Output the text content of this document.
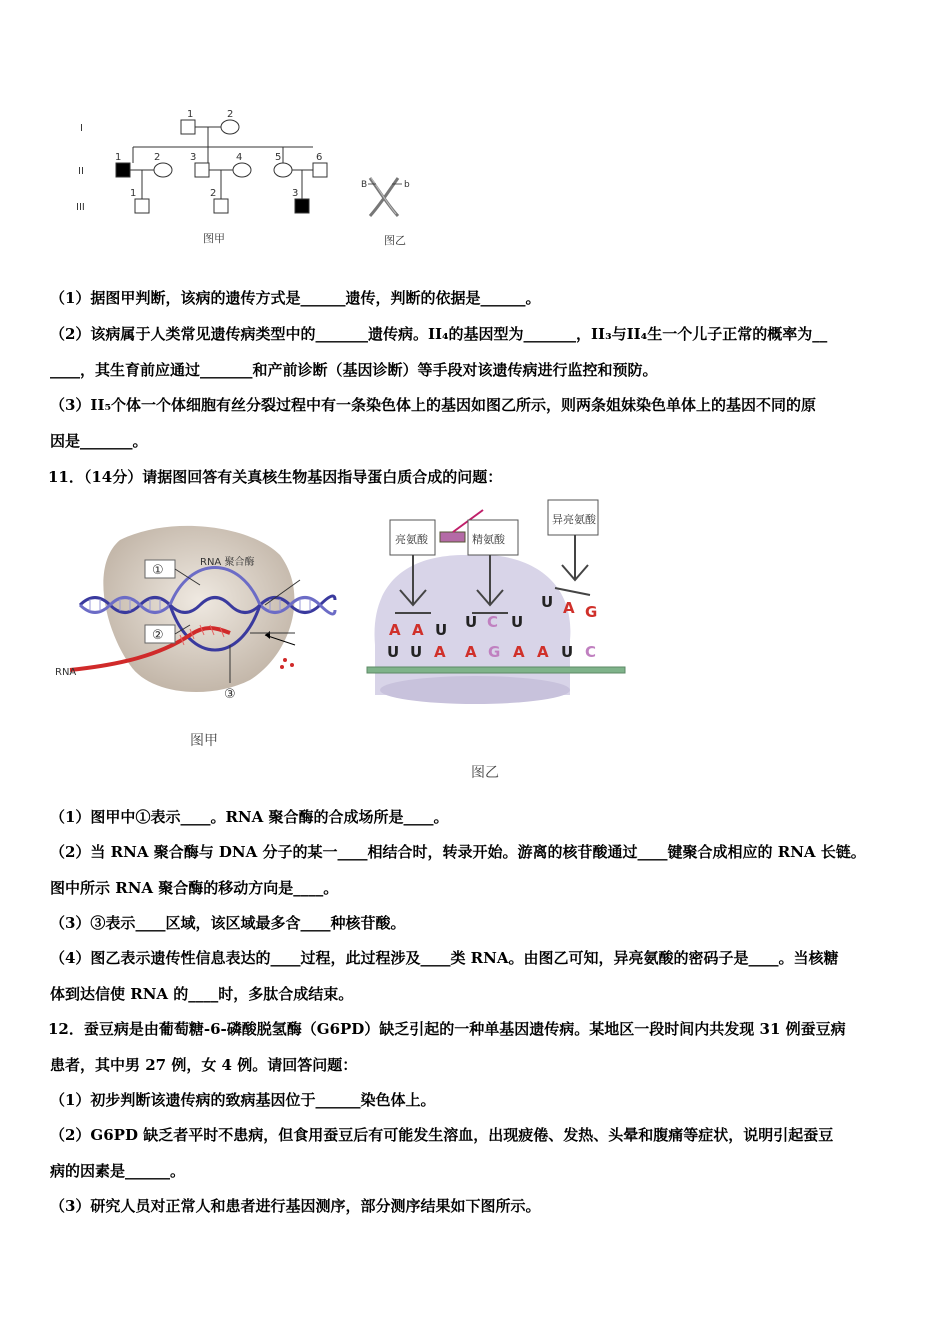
I
II
III
1	2
1	2	3	4	5	6
1	2	3
图甲
B	b
图乙
（1）据图甲判断，该病的遗传方式是______遗传，判断的依据是______。
（2）该病属于人类常见遗传病类型中的_______遗传病。II₄的基因型为_______，II₃与II₄生一个儿子正常的概率为__
____，其生育前应通过_______和产前诊断（基因诊断）等手段对该遗传病进行监控和预防。
（3）II₅个体一个体细胞有丝分裂过程中有一条染色体上的基因如图乙所示，则两条姐妹染色单体上的基因不同的原
因是_______。
11．（14分）请据图回答有关真核生物基因指导蛋白质合成的问题：
①
②
RNA 聚合酶
③
RNA
图甲
亮氨酸	精氨酸
异亮氨酸
A A U U C U
U A G
U U A A G A A U C
图乙
（1）图甲中①表示____。RNA 聚合酶的合成场所是____。
（2）当 RNA 聚合酶与 DNA 分子的某一____相结合时，转录开始。游离的核苷酸通过____键聚合成相应的 RNA 长链。
图中所示 RNA 聚合酶的移动方向是____。
（3）③表示____区域，该区域最多含____种核苷酸。
（4）图乙表示遗传性信息表达的____过程，此过程涉及____类 RNA。由图乙可知，异亮氨酸的密码子是____。当核糖
体到达信使 RNA 的____时，多肽合成结束。
12．蚕豆病是由葡萄糖-6-磷酸脱氢酶（G6PD）缺乏引起的一种单基因遗传病。某地区一段时间内共发现 31 例蚕豆病
患者，其中男 27 例，女 4 例。请回答问题：
（1）初步判断该遗传病的致病基因位于______染色体上。
（2）G6PD 缺乏者平时不患病，但食用蚕豆后有可能发生溶血，出现疲倦、发热、头晕和腹痛等症状，说明引起蚕豆
病的因素是______。
（3）研究人员对正常人和患者进行基因测序，部分测序结果如下图所示。
